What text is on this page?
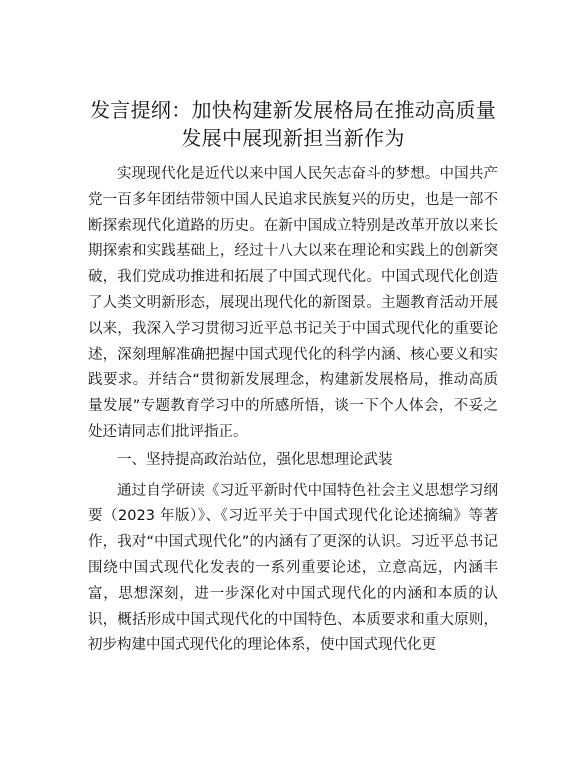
发言提纲：加快构建新发展格局在推动高质量
发展中展现新担当新作为

实现现代化是近代以来中国人民矢志奋斗的梦想。中国共产党一百多年团结带领中国人民追求民族复兴的历史，也是一部不断探索现代化道路的历史。在新中国成立特别是改革开放以来长期探索和实践基础上，经过十八大以来在理论和实践上的创新突破，我们党成功推进和拓展了中国式现代化。中国式现代化创造了人类文明新形态，展现出现代化的新图景。主题教育活动开展以来，我深入学习贯彻习近平总书记关于中国式现代化的重要论述，深刻理解准确把握中国式现代化的科学内涵、核心要义和实践要求。并结合“贯彻新发展理念，构建新发展格局，推动高质量发展”专题教育学习中的所感所悟，谈一下个人体会，不妥之处还请同志们批评指正。

一、坚持提高政治站位，强化思想理论武装

通过自学研读《习近平新时代中国特色社会主义思想学习纲要（2023 年版）》、《习近平关于中国式现代化论述摘编》等著作，我对“中国式现代化”的内涵有了更深的认识。习近平总书记围绕中国式现代化发表的一系列重要论述，立意高远，内涵丰富，思想深刻，进一步深化对中国式现代化的内涵和本质的认识，概括形成中国式现代化的中国特色、本质要求和重大原则，初步构建中国式现代化的理论体系，使中国式现代化更
